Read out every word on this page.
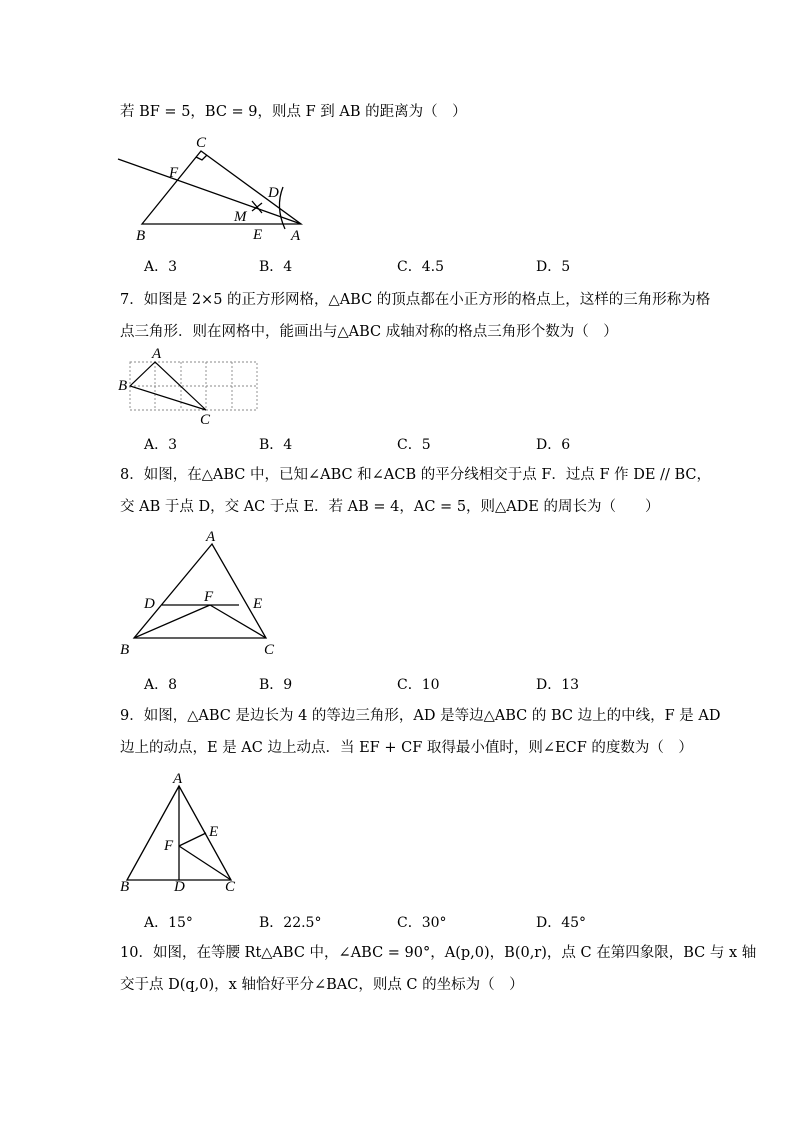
若 BF = 5，BC = 9，则点 F 到 AB 的距离为（　）
C
F
D
M
B	E A
A．3	B．4	C．4.5	D．5
7．如图是 2×5 的正方形网格，△ABC 的顶点都在小正方形的格点上，这样的三角形称为格
点三角形．则在网格中，能画出与△ABC 成轴对称的格点三角形个数为（　）
A
B
C
A．3	B．4	C．5	D．6
8．如图，在△ABC 中，已知∠ABC 和∠ACB 的平分线相交于点 F．过点 F 作 DE // BC，
交 AB 于点 D，交 AC 于点 E．若 AB = 4，AC = 5，则△ADE 的周长为（　　）
A
D	F	E
B	C
A．8	B．9	C．10	D．13
9．如图，△ABC 是边长为 4 的等边三角形，AD 是等边△ABC 的 BC 边上的中线，F 是 AD
边上的动点，E 是 AC 边上动点．当 EF + CF 取得最小值时，则∠ECF 的度数为（　）
A
E
F
B	D	C
A．15°	B．22.5°	C．30°	D．45°
10．如图，在等腰 Rt△ABC 中，∠ABC = 90°，A(p,0)，B(0,r)，点 C 在第四象限，BC 与 x 轴
交于点 D(q,0)，x 轴恰好平分∠BAC，则点 C 的坐标为（　）
